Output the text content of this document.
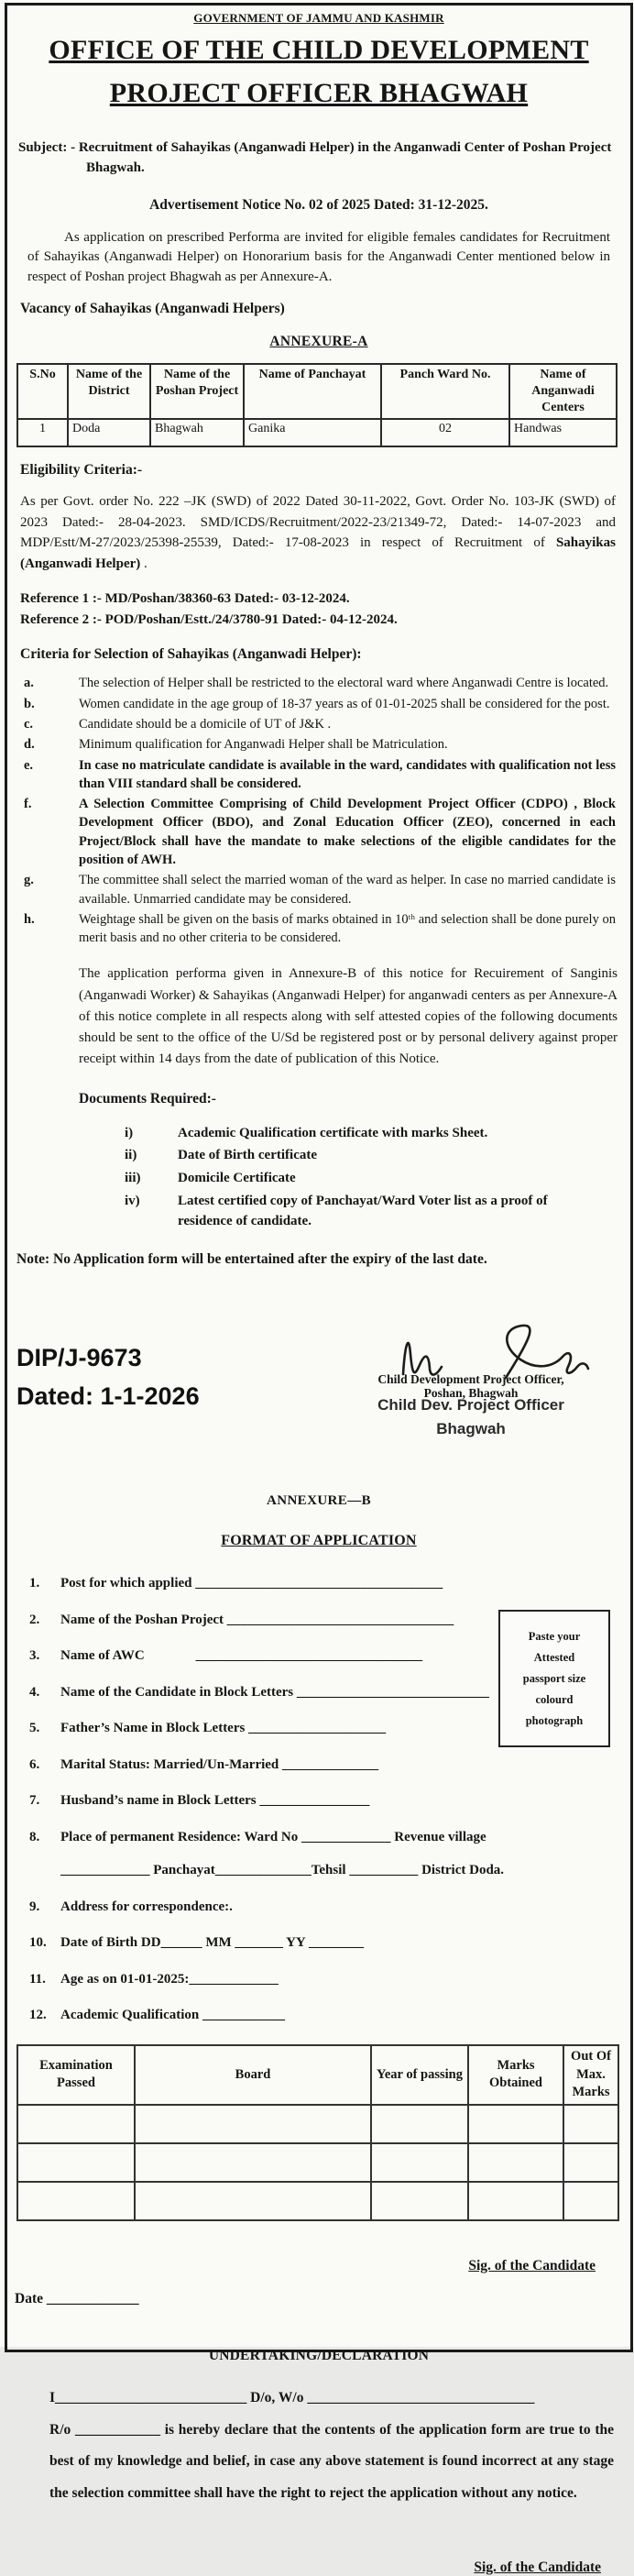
GOVERNMENT OF JAMMU AND KASHMIR
OFFICE OF THE CHILD DEVELOPMENT
PROJECT OFFICER BHAGWAH
Subject: - Recruitment of Sahayikas (Anganwadi Helper) in the Anganwadi Center of Poshan Project Bhagwah.
Advertisement Notice No. 02 of 2025 Dated: 31-12-2025.
As application on prescribed Performa are invited for eligible females candidates for Recruitment of Sahayikas (Anganwadi Helper) on Honorarium basis for the Anganwadi Center mentioned below in respect of Poshan project Bhagwah as per Annexure-A.
Vacancy of Sahayikas (Anganwadi Helpers)
ANNEXURE-A
S.No	Name of the District	Name of the Poshan Project	Name of Panchayat	Panch Ward No.	Name of Anganwadi Centers
1	Doda	Bhagwah	Ganika	02	Handwas
Eligibility Criteria:-
As per Govt. order No. 222 –JK (SWD) of 2022 Dated 30-11-2022, Govt. Order No. 103-JK (SWD) of 2023 Dated:- 28-04-2023. SMD/ICDS/Recruitment/2022-23/21349-72, Dated:- 14-07-2023 and MDP/Estt/M-27/2023/25398-25539, Dated:- 17-08-2023 in respect of Recruitment of Sahayikas (Anganwadi Helper) .
Reference 1 :- MD/Poshan/38360-63 Dated:- 03-12-2024.
Reference 2 :- POD/Poshan/Estt./24/3780-91 Dated:- 04-12-2024.
Criteria for Selection of Sahayikas (Anganwadi Helper):
a.	The selection of Helper shall be restricted to the electoral ward where Anganwadi Centre is located.
b.	Women candidate in the age group of 18-37 years as of 01-01-2025 shall be considered for the post.
c.	Candidate should be a domicile of UT of J&K .
d.	Minimum qualification for Anganwadi Helper shall be Matriculation.
e.	In case no matriculate candidate is available in the ward, candidates with qualification not less than VIII standard shall be considered.
f.	A Selection Committee Comprising of Child Development Project Officer (CDPO) , Block Development Officer (BDO), and Zonal Education Officer (ZEO), concerned in each Project/Block shall have the mandate to make selections of the eligible candidates for the position of AWH.
g.	The committee shall select the married woman of the ward as helper. In case no married candidate is available. Unmarried candidate may be considered.
h.	Weightage shall be given on the basis of marks obtained in 10ᵗʰ and selection shall be done purely on merit basis and no other criteria to be considered.
The application performa given in Annexure-B of this notice for Recuirement of Sanginis (Anganwadi Worker) & Sahayikas (Anganwadi Helper) for anganwadi centers as per Annexure-A of this notice complete in all respects along with self attested copies of the following documents should be sent to the office of the U/Sd be registered post or by personal delivery against proper receipt within 14 days from the date of publication of this Notice.
Documents Required:-
i)	Academic Qualification certificate with marks Sheet.
ii)	Date of Birth certificate
iii)	Domicile Certificate
iv)	Latest certified copy of Panchayat/Ward Voter list as a proof of residence of candidate.
Note: No Application form will be entertained after the expiry of the last date.
DIP/J-9673
Dated: 1-1-2026
Child Development Project Officer,
Poshan, Bhagwah
Child Dev. Project Officer
Bhagwah
ANNEXURE—B
FORMAT OF APPLICATION
Paste your
Attested
passport size
colourd
photograph
1.	Post for which applied ____________________________________
2.	Name of the Poshan Project _________________________________
3.	Name of AWC	_________________________________
4.	Name of the Candidate in Block Letters ____________________________
5.	Father’s Name in Block Letters ____________________
6.	Marital Status: Married/Un-Married ______________
7.	Husband’s name in Block Letters ________________
8.	Place of permanent Residence: Ward No _____________ Revenue village
_____________ Panchayat______________Tehsil __________ District Doda.
9.	Address for correspondence:.
10.	Date of Birth DD______ MM _______ YY ________
11.	Age as on 01-01-2025:_____________
12.	Academic Qualification ____________
Examination Passed	Board	Year of passing	Marks Obtained	Out Of Max. Marks

Sig. of the Candidate
Date _____________
UNDERTAKING/DECLARATION
I___________________________ D/o, W/o ________________________________
R/o ____________ is hereby declare that the contents of the application form are true to the best of my knowledge and belief, in case any above statement is found incorrect at any stage the selection committee shall have the right to reject the application without any notice.
Sig. of the Candidate
